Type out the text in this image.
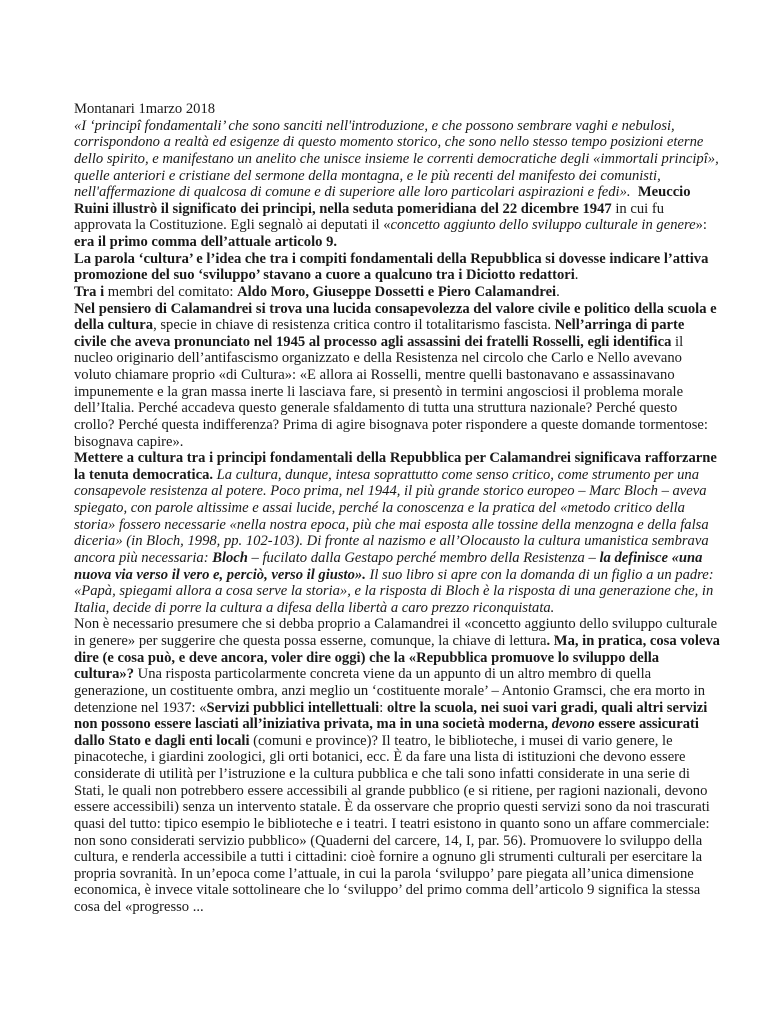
Montanari 1marzo 2018

«I ‘principî fondamentali’ che sono sanciti nell'introduzione, e che possono sembrare vaghi e nebulosi, corrispondono a realtà ed esigenze di questo momento storico, che sono nello stesso tempo posizioni eterne dello spirito, e manifestano un anelito che unisce insieme le correnti democratiche degli «immortali principî», quelle anteriori e cristiane del sermone della montagna, e le più recenti del manifesto dei comunisti, nell'affermazione di qualcosa di comune e di superiore alle loro particolari aspirazioni e fedi». Meuccio Ruini illustrò il significato dei principi, nella seduta pomeridiana del 22 dicembre 1947 in cui fu approvata la Costituzione. Egli segnalò ai deputati il «concetto aggiunto dello sviluppo culturale in genere»: era il primo comma dell’attuale articolo 9.

La parola ‘cultura’ e l’idea che tra i compiti fondamentali della Repubblica si dovesse indicare l’attiva promozione del suo ‘sviluppo’ stavano a cuore a qualcuno tra i Diciotto redattori.

Tra i membri del comitato: Aldo Moro, Giuseppe Dossetti e Piero Calamandrei.

Nel pensiero di Calamandrei si trova una lucida consapevolezza del valore civile e politico della scuola e della cultura, specie in chiave di resistenza critica contro il totalitarismo fascista. Nell’arringa di parte civile che aveva pronunciato nel 1945 al processo agli assassini dei fratelli Rosselli, egli identifica il nucleo originario dell’antifascismo organizzato e della Resistenza nel circolo che Carlo e Nello avevano voluto chiamare proprio «di Cultura»: «E allora ai Rosselli, mentre quelli bastonavano e assassinavano impunemente e la gran massa inerte li lasciava fare, si presentò in termini angosciosi il problema morale dell’Italia. Perché accadeva questo generale sfaldamento di tutta una struttura nazionale? Perché questo crollo? Perché questa indifferenza? Prima di agire bisognava poter rispondere a queste domande tormentose: bisognava capire».

Mettere a cultura tra i principi fondamentali della Repubblica per Calamandrei significava rafforzarne la tenuta democratica. La cultura, dunque, intesa soprattutto come senso critico, come strumento per una consapevole resistenza al potere. Poco prima, nel 1944, il più grande storico europeo – Marc Bloch – aveva spiegato, con parole altissime e assai lucide, perché la conoscenza e la pratica del «metodo critico della storia» fossero necessarie «nella nostra epoca, più che mai esposta alle tossine della menzogna e della falsa diceria» (in Bloch, 1998, pp. 102-103). Di fronte al nazismo e all’Olocausto la cultura umanistica sembrava ancora più necessaria: Bloch – fucilato dalla Gestapo perché membro della Resistenza – la definisce «una nuova via verso il vero e, perciò, verso il giusto». Il suo libro si apre con la domanda di un figlio a un padre: «Papà, spiegami allora a cosa serve la storia», e la risposta di Bloch è la risposta di una generazione che, in Italia, decide di porre la cultura a difesa della libertà a caro prezzo riconquistata.

Non è necessario presumere che si debba proprio a Calamandrei il «concetto aggiunto dello sviluppo culturale in genere» per suggerire che questa possa esserne, comunque, la chiave di lettura. Ma, in pratica, cosa voleva dire (e cosa può, e deve ancora, voler dire oggi) che la «Repubblica promuove lo sviluppo della cultura»? Una risposta particolarmente concreta viene da un appunto di un altro membro di quella generazione, un costituente ombra, anzi meglio un ‘costituente morale’ – Antonio Gramsci, che era morto in detenzione nel 1937: «Servizi pubblici intellettuali: oltre la scuola, nei suoi vari gradi, quali altri servizi non possono essere lasciati all’iniziativa privata, ma in una società moderna, devono essere assicurati dallo Stato e dagli enti locali (comuni e province)? Il teatro, le biblioteche, i musei di vario genere, le pinacoteche, i giardini zoologici, gli orti botanici, ecc. È da fare una lista di istituzioni che devono essere considerate di utilità per l’istruzione e la cultura pubblica e che tali sono infatti considerate in una serie di Stati, le quali non potrebbero essere accessibili al grande pubblico (e si ritiene, per ragioni nazionali, devono essere accessibili) senza un intervento statale. È da osservare che proprio questi servizi sono da noi trascurati quasi del tutto: tipico esempio le biblioteche e i teatri. I teatri esistono in quanto sono un affare commerciale: non sono considerati servizio pubblico» (Quaderni del carcere, 14, I, par. 56). Promuovere lo sviluppo della cultura, e renderla accessibile a tutti i cittadini: cioè fornire a ognuno gli strumenti culturali per esercitare la propria sovranità. In un’epoca come l’attuale, in cui la parola ‘sviluppo’ pare piegata all’unica dimensione economica, è invece vitale sottolineare che lo ‘sviluppo’ del primo comma dell’articolo 9 significa la stessa cosa del «progresso ...
